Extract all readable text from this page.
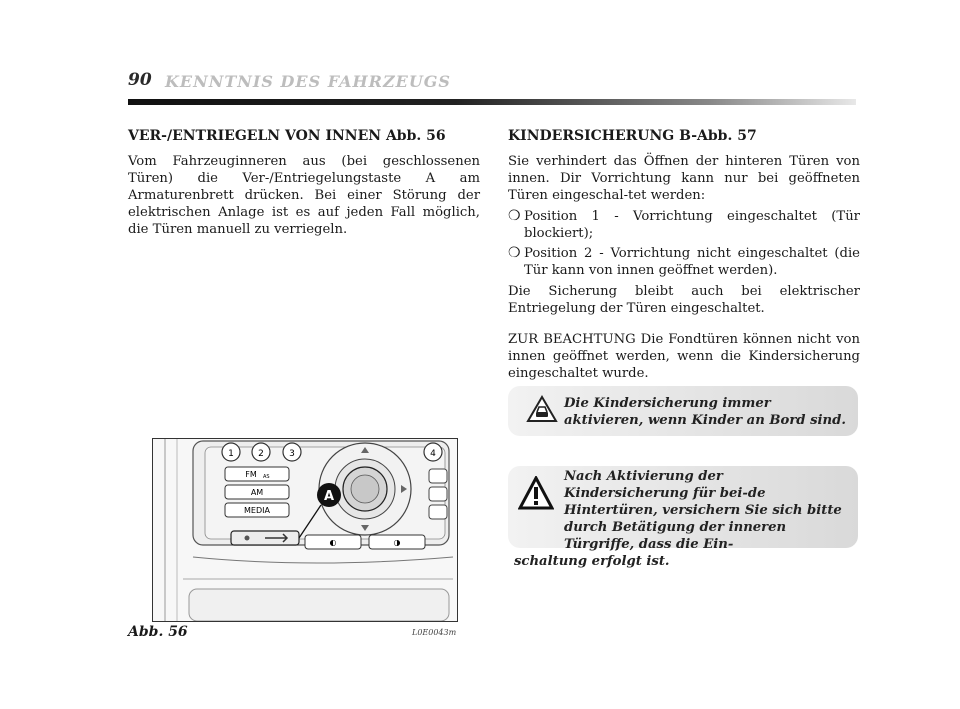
90 KENNTNIS DES FAHRZEUGS
VER-/ENTRIEGELN VON INNEN Abb. 56

Vom Fahrzeuginneren aus (bei geschlossenen Türen) die Ver-/Entriegelungstaste A am Armaturenbrett drücken. Bei einer Störung der elektrischen Anlage ist es auf jeden Fall möglich, die Türen manuell zu verriegeln.

KINDERSICHERUNG B-Abb. 57

Sie verhindert das Öffnen der hinteren Türen von innen. Dir Vorrichtung kann nur bei geöffneten Türen eingeschal-tet werden:

❍ Position 1 - Vorrichtung eingeschaltet (Tür blockiert);
❍ Position 2 - Vorrichtung nicht eingeschaltet (die Tür kann von innen geöffnet werden).

Die Sicherung bleibt auch bei elektrischer Entriegelung der Türen eingeschaltet.

ZUR BEACHTUNG Die Fondtüren können nicht von innen geöffnet werden, wenn die Kindersicherung eingeschaltet wurde.

Die Kindersicherung immer aktivieren, wenn Kinder an Bord sind.
Nach Aktivierung der Kindersicherung für bei-de Hintertüren, versichern Sie sich bitte durch Betätigung der inneren Türgriffe, dass die Ein-
schaltung erfolgt ist.
1	2	3	4
FM AS
AM
MEDIA
◐	◑
A
Abb. 56	L0E0043m
